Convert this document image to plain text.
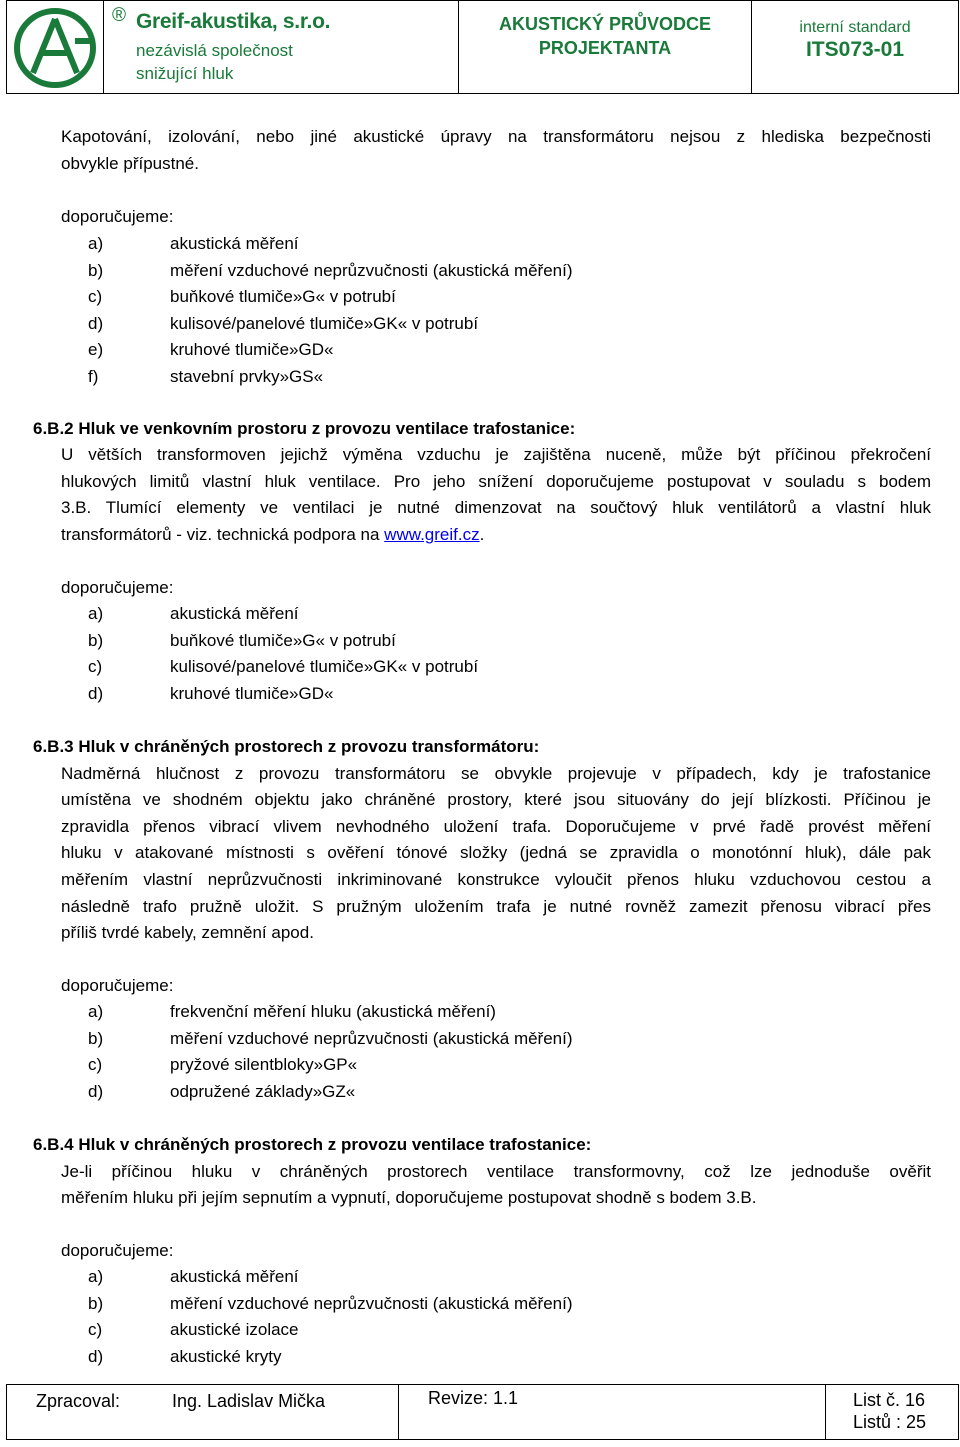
® Greif-akustika, s.r.o.
nezávislá společnost
snižující hluk
AKUSTICKÝ PRŮVODCE
PROJEKTANTA
interní standard
ITS073-01
Kapotování, izolování, nebo jiné akustické úpravy na transformátoru nejsou z hlediska bezpečnosti
obvykle přípustné.
doporučujeme:
a)	akustická měření
b)	měření vzduchové neprůzvučnosti (akustická měření)
c)	buňkové tlumiče»G« v potrubí
d)	kulisové/panelové tlumiče»GK« v potrubí
e)	kruhové tlumiče»GD«
f)	stavební prvky»GS«
6.B.2 Hluk ve venkovním prostoru z provozu ventilace trafostanice:
U větších transformoven jejichž výměna vzduchu je zajištěna nuceně, může být příčinou překročení
hlukových limitů vlastní hluk ventilace. Pro jeho snížení doporučujeme postupovat v souladu s bodem
3.B. Tlumící elementy ve ventilaci je nutné dimenzovat na součtový hluk ventilátorů a vlastní hluk
transformátorů - viz. technická podpora na www.greif.cz.
doporučujeme:
a)	akustická měření
b)	buňkové tlumiče»G« v potrubí
c)	kulisové/panelové tlumiče»GK« v potrubí
d)	kruhové tlumiče»GD«
6.B.3 Hluk v chráněných prostorech z provozu transformátoru:
Nadměrná hlučnost z provozu transformátoru se obvykle projevuje v případech, kdy je trafostanice
umístěna ve shodném objektu jako chráněné prostory, které jsou situovány do její blízkosti. Příčinou je
zpravidla přenos vibrací vlivem nevhodného uložení trafa. Doporučujeme v prvé řadě provést měření
hluku v atakované místnosti s ověření tónové složky (jedná se zpravidla o monotónní hluk), dále pak
měřením vlastní neprůzvučnosti inkriminované konstrukce vyloučit přenos hluku vzduchovou cestou a
následně trafo pružně uložit. S pružným uložením trafa je nutné rovněž zamezit přenosu vibrací přes
příliš tvrdé kabely, zemnění apod.
doporučujeme:
a)	frekvenční měření hluku (akustická měření)
b)	měření vzduchové neprůzvučnosti (akustická měření)
c)	pryžové silentbloky»GP«
d)	odpružené základy»GZ«
6.B.4 Hluk v chráněných prostorech z provozu ventilace trafostanice:
Je-li příčinou hluku v chráněných prostorech ventilace transformovny, což lze jednoduše ověřit
měřením hluku při jejím sepnutím a vypnutí, doporučujeme postupovat shodně s bodem 3.B.
doporučujeme:
a)	akustická měření
b)	měření vzduchové neprůzvučnosti (akustická měření)
c)	akustické izolace
d)	akustické kryty
Zpracoval:	Ing. Ladislav Mička	Revize: 1.1	List č. 16
Listů : 25
